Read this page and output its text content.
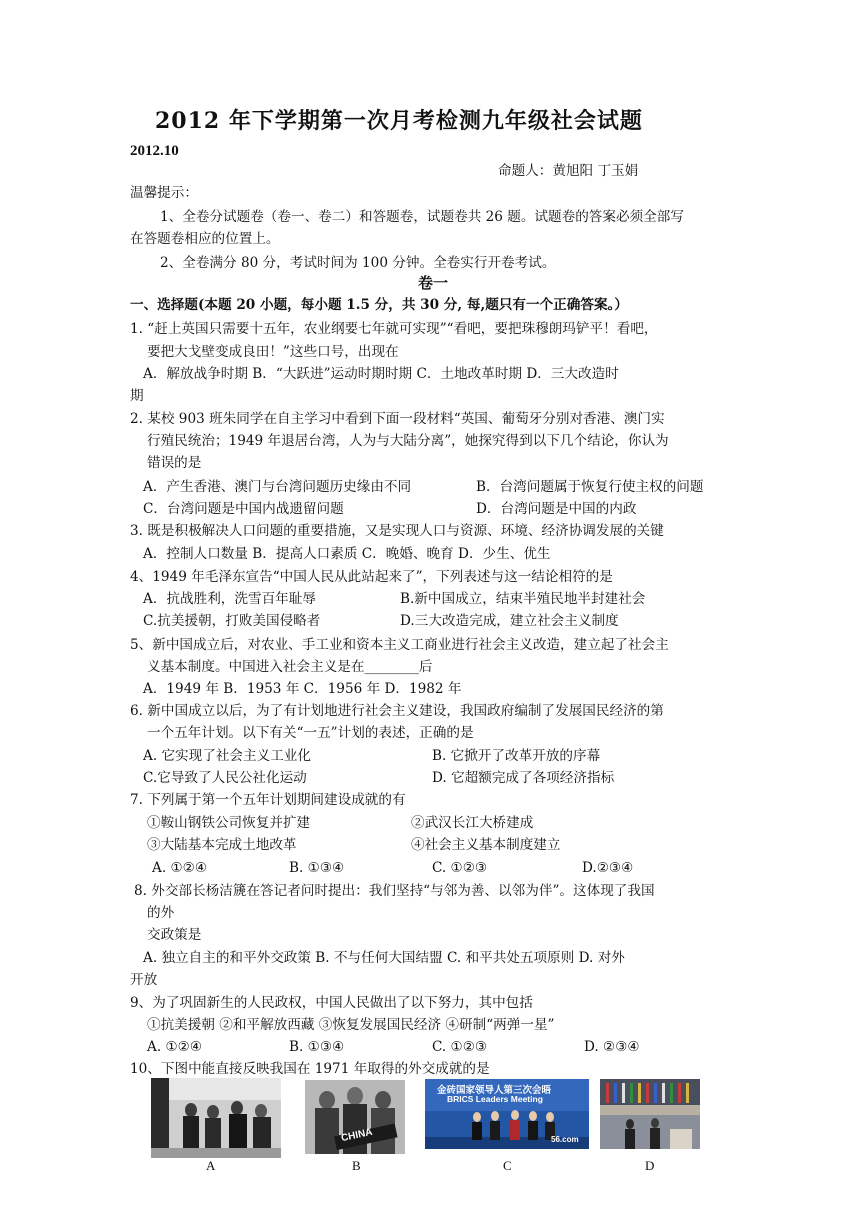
2012 年下学期第一次月考检测九年级社会试题
2012.10
命题人：黄旭阳 丁玉娟
温馨提示：
1、全卷分试题卷（卷一、卷二）和答题卷，试题卷共 26 题。试题卷的答案必须全部写
在答题卷相应的位置上。
2、全卷满分 80 分，考试时间为 100 分钟。全卷实行开卷考试。
卷一
一、选择题(本题 20 小题，每小题 1.5 分，共 30 分, 每,题只有一个正确答案。）
1. “赶上英国只需要十五年，农业纲要七年就可实现”“看吧，要把珠穆朗玛铲平！看吧，
要把大戈壁变成良田！”这些口号，出现在
A．解放战争时期 B．“大跃进”运动时期时期 C．土地改革时期 D．三大改造时
期
2. 某校 903 班朱同学在自主学习中看到下面一段材料“英国、葡萄牙分别对香港、澳门实
行殖民统治；1949 年退居台湾，人为与大陆分离”，她探究得到以下几个结论，你认为
错误的是
A．产生香港、澳门与台湾问题历史缘由不同	B．台湾问题属于恢复行使主权的问题
C．台湾问题是中国内战遗留问题	D．台湾问题是中国的内政
3. 既是积极解决人口问题的重要措施，又是实现人口与资源、环境、经济协调发展的关键
A．控制人口数量 B．提高人口素质 C．晚婚、晚育 D．少生、优生
4、1949 年毛泽东宣告“中国人民从此站起来了”，下列表述与这一结论相符的是
A．抗战胜利，洗雪百年耻辱	B.新中国成立，结束半殖民地半封建社会
C.抗美援朝，打败美国侵略者	D.三大改造完成，建立社会主义制度
5、新中国成立后，对农业、手工业和资本主义工商业进行社会主义改造，建立起了社会主
义基本制度。中国进入社会主义是在________后
A．1949 年 B．1953 年 C．1956 年 D．1982 年
6. 新中国成立以后，为了有计划地进行社会主义建设，我国政府编制了发展国民经济的第
一个五年计划。以下有关“一五”计划的表述，正确的是
A. 它实现了社会主义工业化	B. 它掀开了改革开放的序幕
C.它导致了人民公社化运动	D. 它超额完成了各项经济指标
7. 下列属于第一个五年计划期间建设成就的有
①鞍山钢铁公司恢复并扩建	②武汉长江大桥建成
③大陆基本完成土地改革	④社会主义基本制度建立
A. ①②④	B. ①③④	C. ①②③	D.②③④
8. 外交部长杨洁篪在答记者问时提出：我们坚持“与邻为善、以邻为伴”。这体现了我国
的外
交政策是
A. 独立自主的和平外交政策 B. 不与任何大国结盟 C. 和平共处五项原则 D. 对外
开放
9、为了巩固新生的人民政权，中国人民做出了以下努力，其中包括
①抗美援朝 ②和平解放西藏 ③恢复发展国民经济 ④研制“两弹一星”
A. ①②④	B. ①③④	C. ①②③	D. ②③④
10、下图中能直接反映我国在 1971 年取得的外交成就的是
A
CHINA
B
金砖国家领导人第三次会晤
BRICS Leaders Meeting
56.com
C	D
